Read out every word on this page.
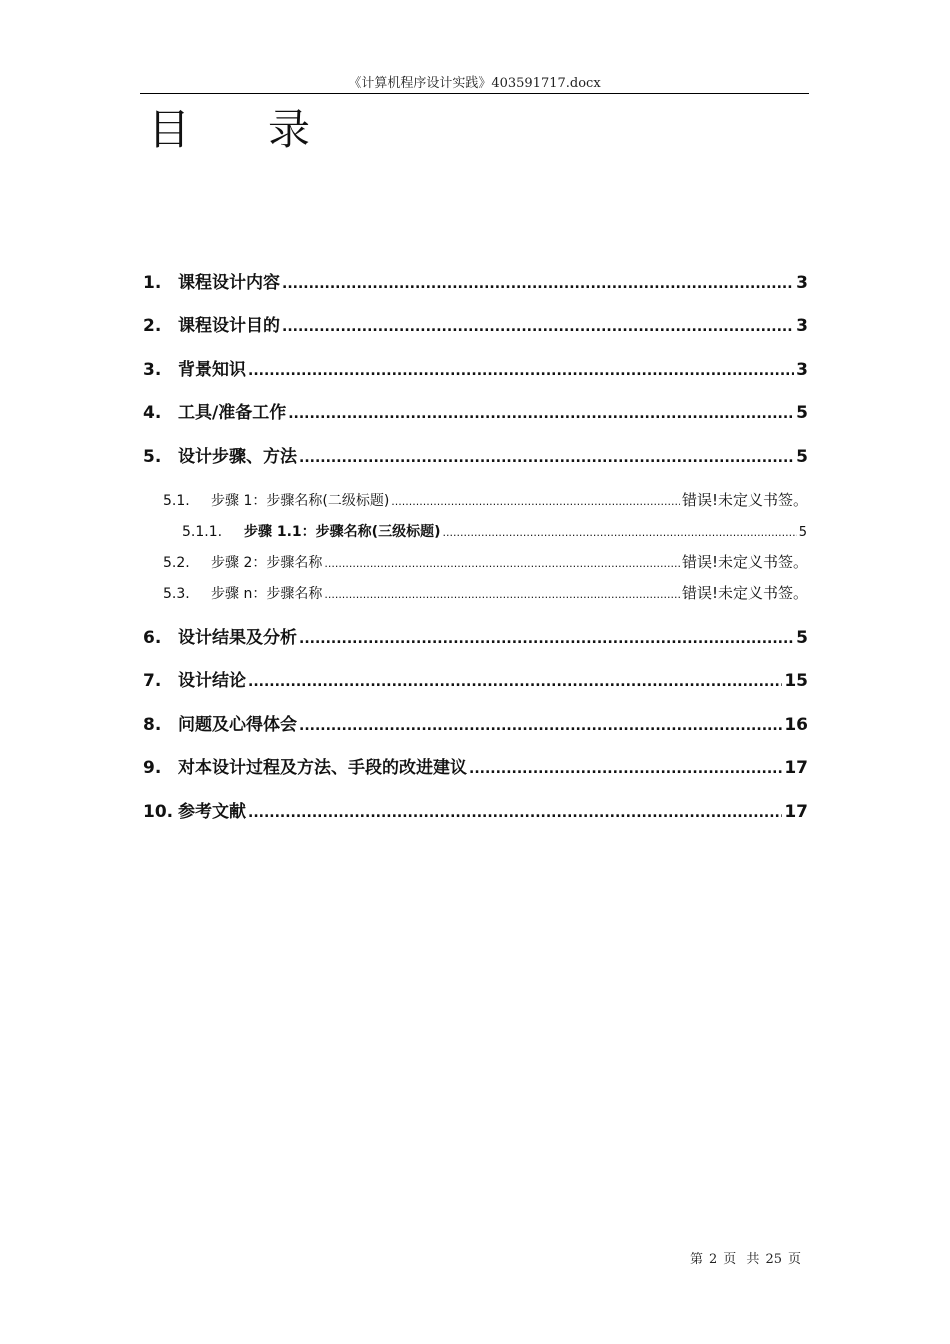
《计算机程序设计实践》403591717.docx
目 录
1. 课程设计内容 .....	3
2. 课程设计目的 .....	3
3. 背景知识 .....	3
4. 工具/准备工作 .....	5
5. 设计步骤、方法 .....	5
5.1.	步骤 1：步骤名称(二级标题) .....	错误!未定义书签。
5.1.1.	步骤 1.1：步骤名称(三级标题) .....	5
5.2.	步骤 2：步骤名称 .....	错误!未定义书签。
5.3.	步骤 n：步骤名称 .....	错误!未定义书签。
6. 设计结果及分析 .....	5
7. 设计结论 .....	15
8. 问题及心得体会 .....	16
9. 对本设计过程及方法、手段的改进建议 .....	17
10. 参考文献 .....	17
第 2 页 共 25 页
